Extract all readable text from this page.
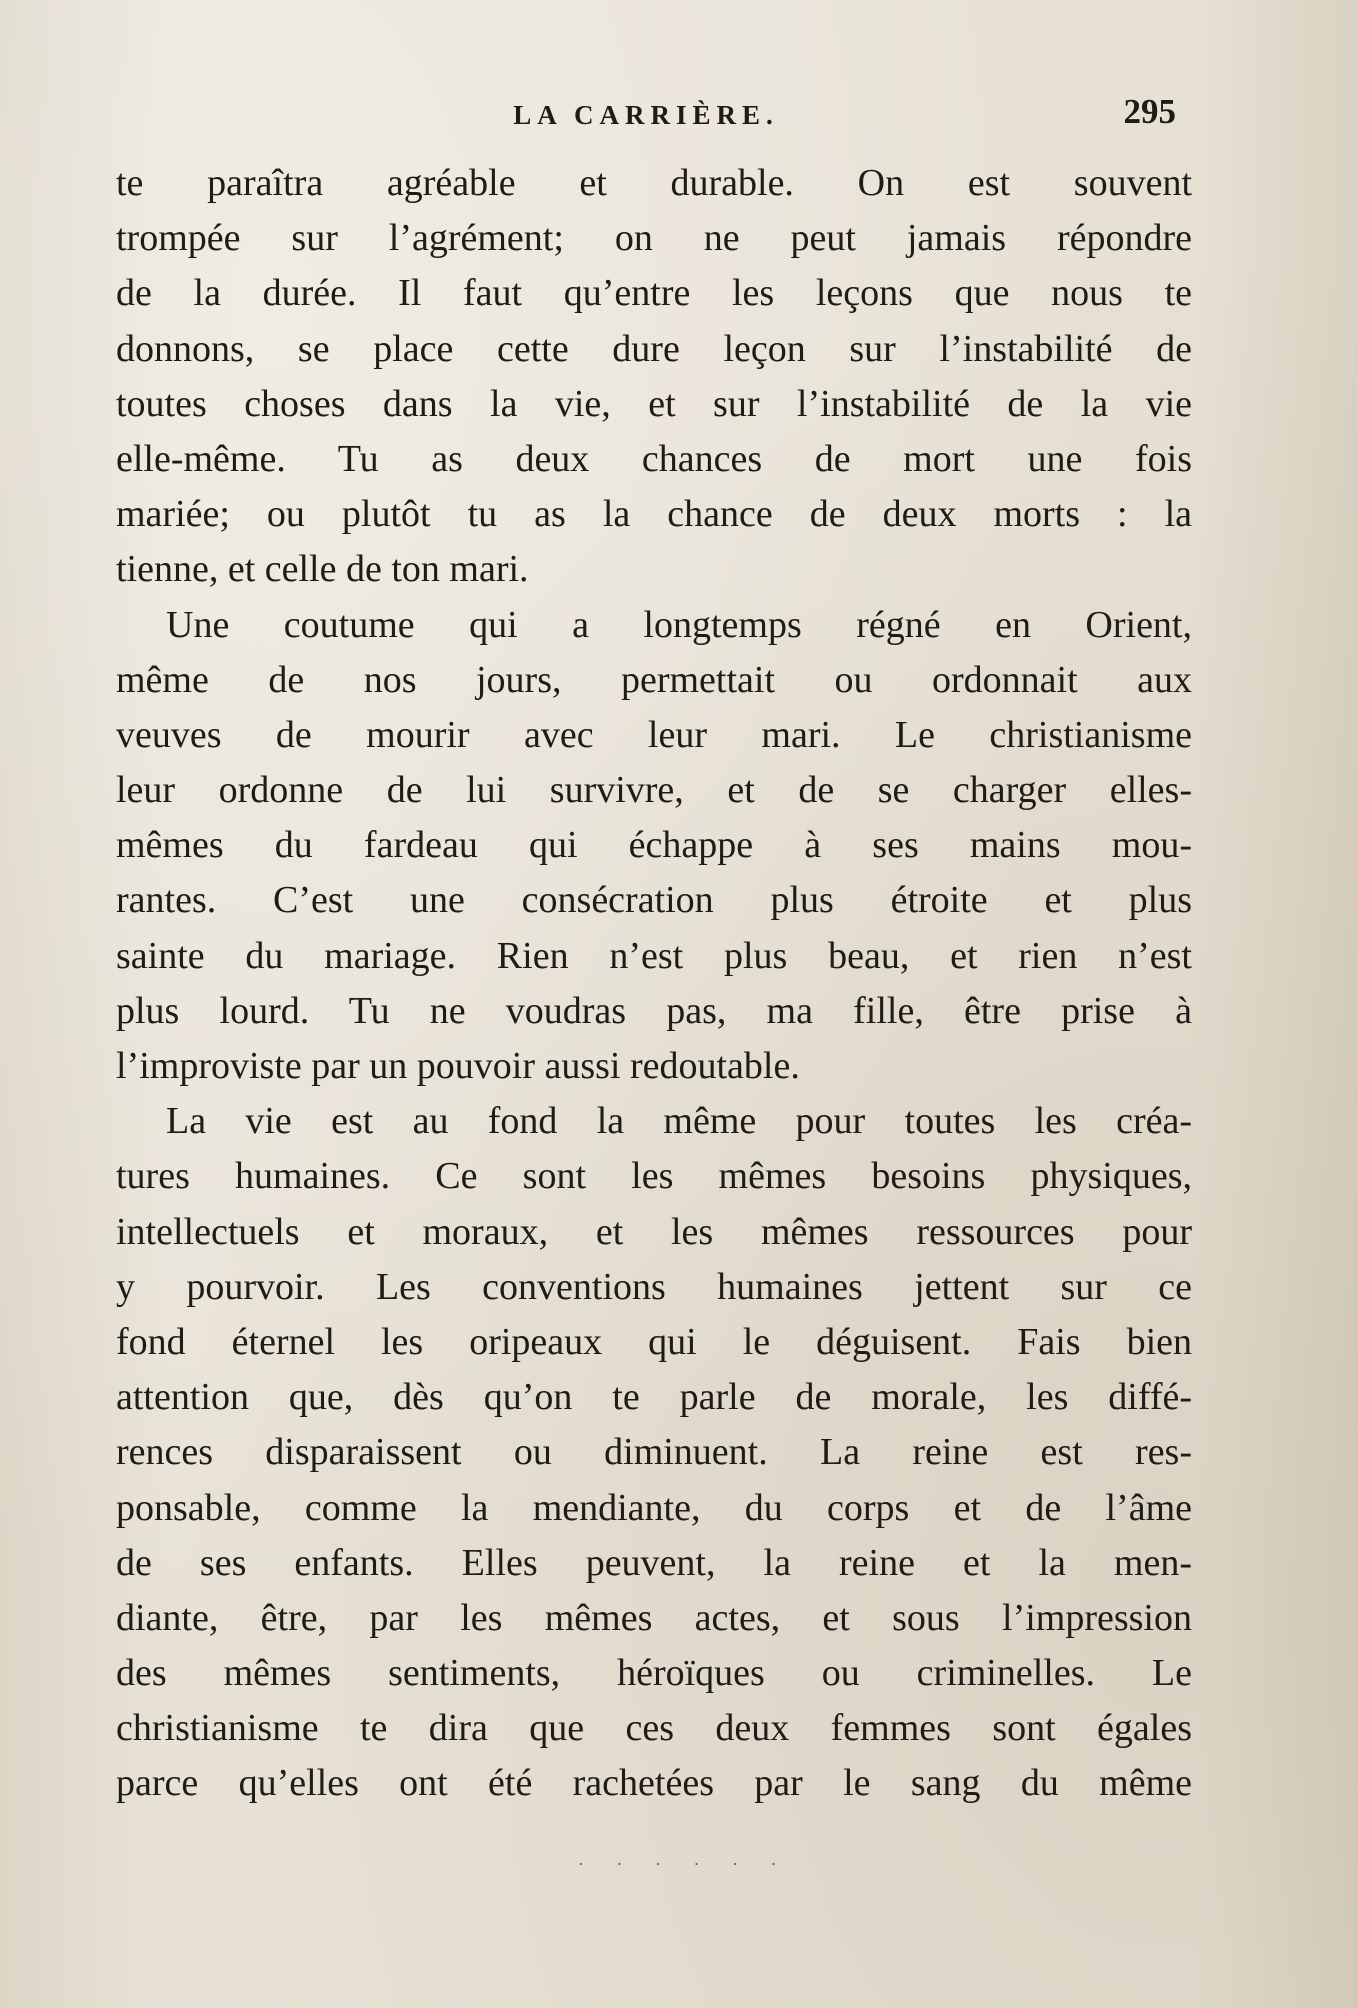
LA CARRIÈRE.	295
te paraîtra agréable et durable. On est souvent
trompée sur l’agrément; on ne peut jamais répondre
de la durée. Il faut qu’entre les leçons que nous te
donnons, se place cette dure leçon sur l’instabilité de
toutes choses dans la vie, et sur l’instabilité de la vie
elle-même. Tu as deux chances de mort une fois
mariée; ou plutôt tu as la chance de deux morts : la
tienne, et celle de ton mari.
Une coutume qui a longtemps régné en Orient,
même de nos jours, permettait ou ordonnait aux
veuves de mourir avec leur mari. Le christianisme
leur ordonne de lui survivre, et de se charger elles-
mêmes du fardeau qui échappe à ses mains mou-
rantes. C’est une consécration plus étroite et plus
sainte du mariage. Rien n’est plus beau, et rien n’est
plus lourd. Tu ne voudras pas, ma fille, être prise à
l’improviste par un pouvoir aussi redoutable.
La vie est au fond la même pour toutes les créa-
tures humaines. Ce sont les mêmes besoins physiques,
intellectuels et moraux, et les mêmes ressources pour
y pourvoir. Les conventions humaines jettent sur ce
fond éternel les oripeaux qui le déguisent. Fais bien
attention que, dès qu’on te parle de morale, les diffé-
rences disparaissent ou diminuent. La reine est res-
ponsable, comme la mendiante, du corps et de l’âme
de ses enfants. Elles peuvent, la reine et la men-
diante, être, par les mêmes actes, et sous l’impression
des mêmes sentiments, héroïques ou criminelles. Le
christianisme te dira que ces deux femmes sont égales
parce qu’elles ont été rachetées par le sang du même
· · · · · ·
